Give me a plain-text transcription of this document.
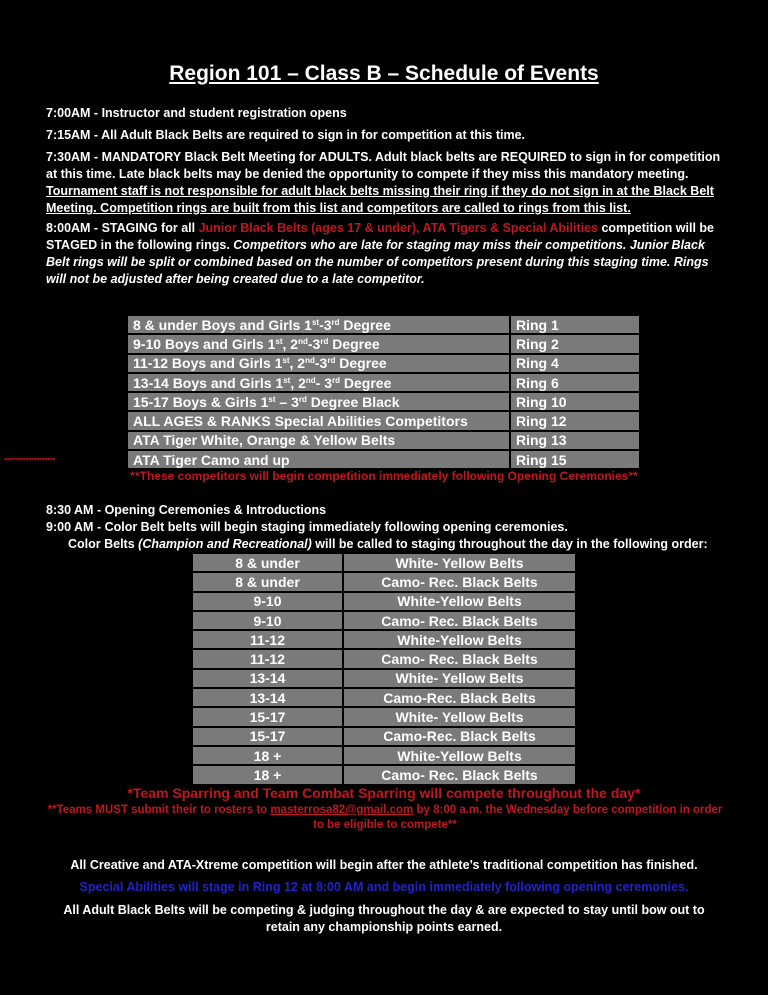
Region 101 – Class B – Schedule of Events
7:00AM - Instructor and student registration opens
7:15AM - All Adult Black Belts are required to sign in for competition at this time.
7:30AM - MANDATORY Black Belt Meeting for ADULTS. Adult black belts are REQUIRED to sign in for competition at this time. Late black belts may be denied the opportunity to compete if they miss this mandatory meeting. Tournament staff is not responsible for adult black belts missing their ring if they do not sign in at the Black Belt Meeting. Competition rings are built from this list and competitors are called to rings from this list.
8:00AM - STAGING for all Junior Black Belts (ages 17 & under), ATA Tigers & Special Abilities competition will be STAGED in the following rings. Competitors who are late for staging may miss their competitions. Junior Black Belt rings will be split or combined based on the number of competitors present during this staging time. Rings will not be adjusted after being created due to a late competitor.
8 & under Boys and Girls 1st-3rd Degree	Ring 1
9-10 Boys and Girls 1st, 2nd-3rd Degree	Ring 2
11-12 Boys and Girls 1st, 2nd-3rd Degree	Ring 4
13-14 Boys and Girls 1st, 2nd- 3rd Degree	Ring 6
15-17 Boys & Girls 1st – 3rd Degree Black	Ring 10
ALL AGES & RANKS Special Abilities Competitors	Ring 12
ATA Tiger White, Orange & Yellow Belts	Ring 13
ATA Tiger Camo and up	Ring 15
▪▪▪▪▪▪▪▪▪▪▪▪▪▪▪▪▪▪▪
**These competitors will begin competition immediately following Opening Ceremonies**
8:30 AM - Opening Ceremonies & Introductions
9:00 AM - Color Belt belts will begin staging immediately following opening ceremonies.
Color Belts (Champion and Recreational) will be called to staging throughout the day in the following order:
8 & under	White- Yellow Belts
8 & under	Camo- Rec. Black Belts
9-10	White-Yellow Belts
9-10	Camo- Rec. Black Belts
11-12	White-Yellow Belts
11-12	Camo- Rec. Black Belts
13-14	White- Yellow Belts
13-14	Camo-Rec. Black Belts
15-17	White- Yellow Belts
15-17	Camo-Rec. Black Belts
18 +	White-Yellow Belts
18 +	Camo- Rec. Black Belts
*Team Sparring and Team Combat Sparring will compete throughout the day*
**Teams MUST submit their to rosters to masterrosa82@gmail.com by 8:00 a.m. the Wednesday before competition in order to be eligible to compete**
All Creative and ATA-Xtreme competition will begin after the athlete’s traditional competition has finished.
Special Abilities will stage in Ring 12 at 8:00 AM and begin immediately following opening ceremonies.
All Adult Black Belts will be competing & judging throughout the day & are expected to stay until bow out to retain any championship points earned.
